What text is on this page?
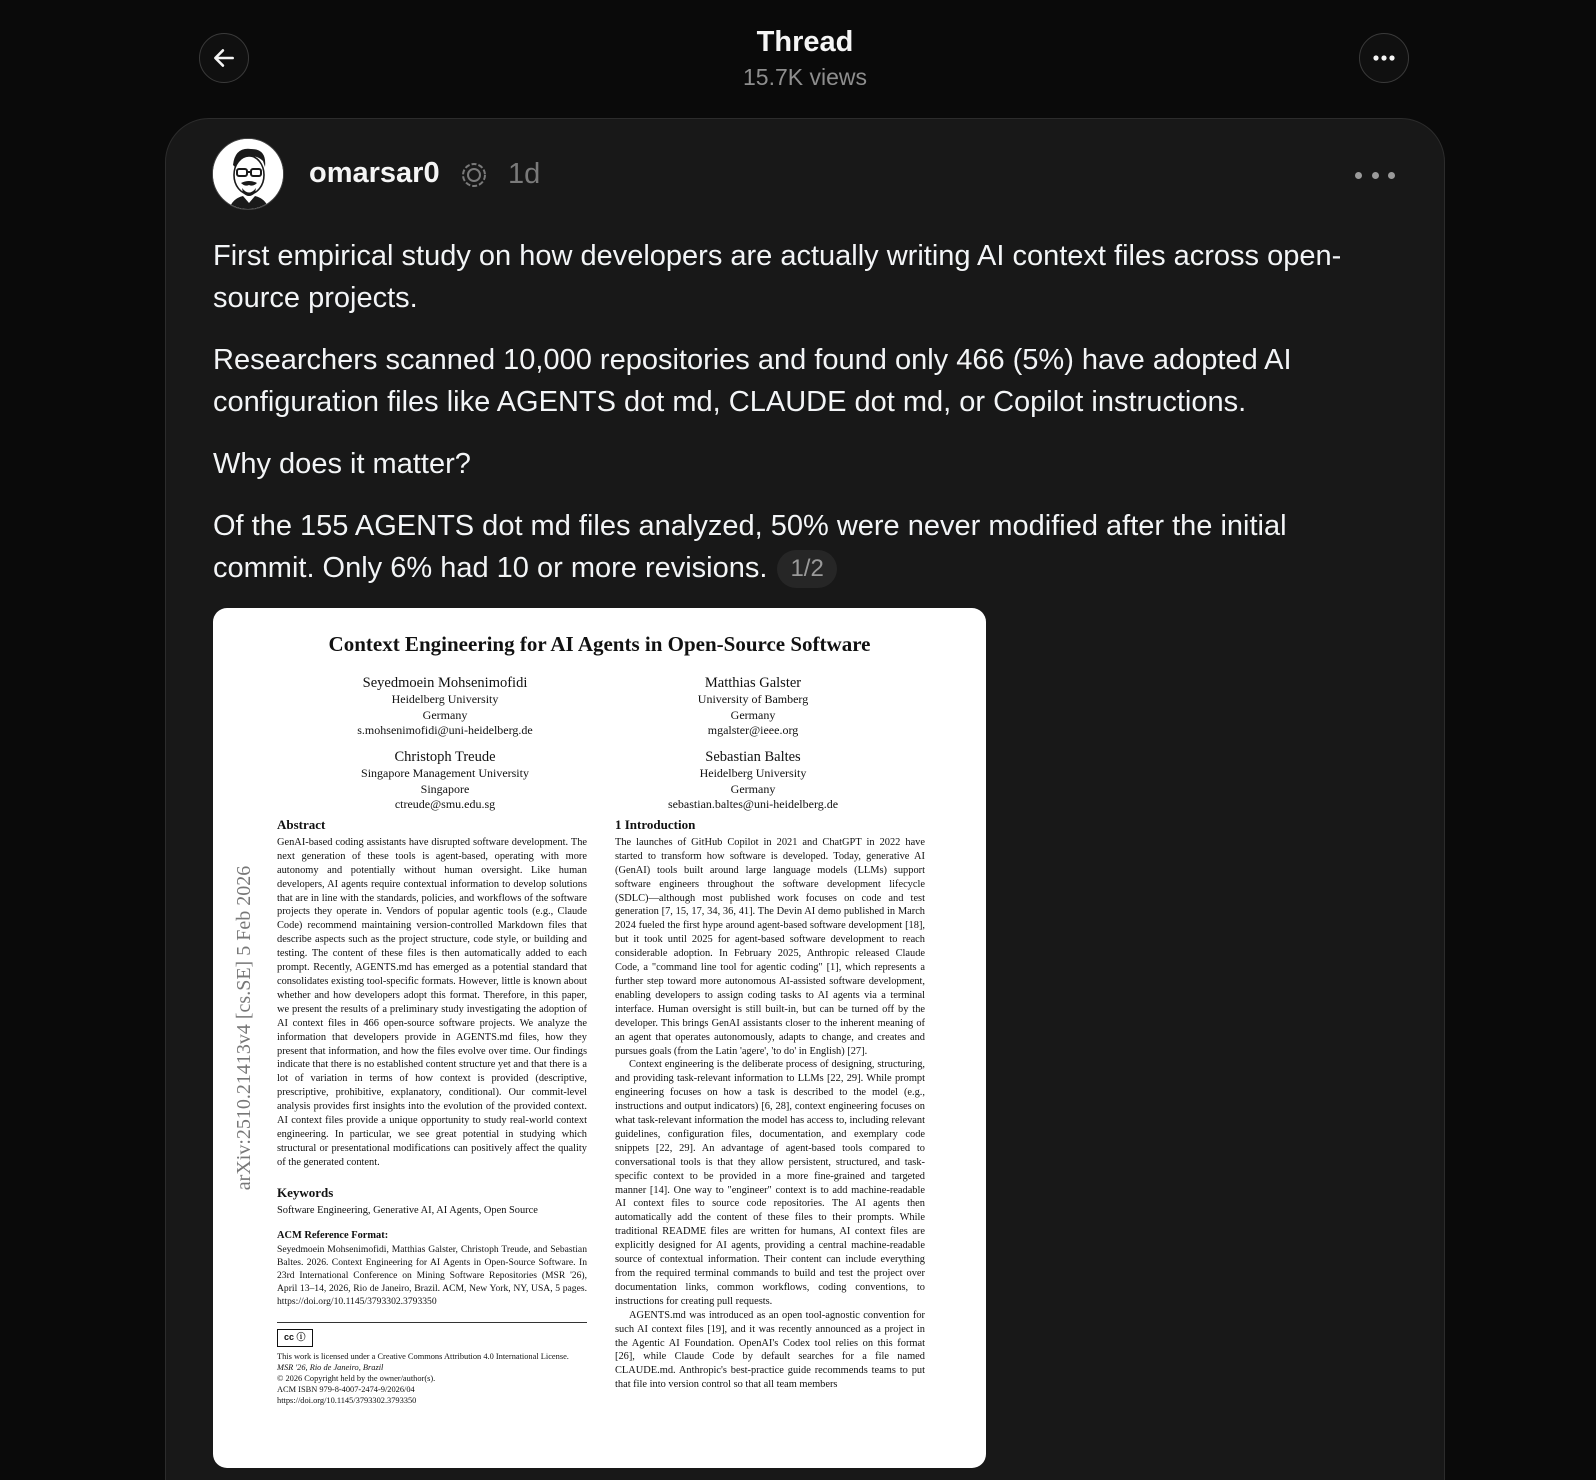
Thread
15.7K views
omarsar0 1d

First empirical study on how developers are actually writing AI context files across open-source projects.

Researchers scanned 10,000 repositories and found only 466 (5%) have adopted AI configuration files like AGENTS dot md, CLAUDE dot md, or Copilot instructions.

Why does it matter?

Of the 155 AGENTS dot md files analyzed, 50% were never modified after the initial commit. Only 6% had 10 or more revisions. 1/2

Context Engineering for AI Agents in Open-Source Software
Seyedmoein Mohsenimofidi
Heidelberg University
Germany
s.mohsenimofidi@uni-heidelberg.de
Matthias Galster
University of Bamberg
Germany
mgalster@ieee.org
Christoph Treude
Singapore Management University
Singapore
ctreude@smu.edu.sg
Sebastian Baltes
Heidelberg University
Germany
sebastian.baltes@uni-heidelberg.de
arXiv:2510.21413v4 [cs.SE] 5 Feb 2026
Abstract

GenAI-based coding assistants have disrupted software development. The next generation of these tools is agent-based, operating with more autonomy and potentially without human oversight. Like human developers, AI agents require contextual information to develop solutions that are in line with the standards, policies, and workflows of the software projects they operate in. Vendors of popular agentic tools (e.g., Claude Code) recommend maintaining version-controlled Markdown files that describe aspects such as the project structure, code style, or building and testing. The content of these files is then automatically added to each prompt. Recently, AGENTS.md has emerged as a potential standard that consolidates existing tool-specific formats. However, little is known about whether and how developers adopt this format. Therefore, in this paper, we present the results of a preliminary study investigating the adoption of AI context files in 466 open-source software projects. We analyze the information that developers provide in AGENTS.md files, how they present that information, and how the files evolve over time. Our findings indicate that there is no established content structure yet and that there is a lot of variation in terms of how context is provided (descriptive, prescriptive, prohibitive, explanatory, conditional). Our commit-level analysis provides first insights into the evolution of the provided context. AI context files provide a unique opportunity to study real-world context engineering. In particular, we see great potential in studying which structural or presentational modifications can positively affect the quality of the generated content.

Keywords

Software Engineering, Generative AI, AI Agents, Open Source

ACM Reference Format:

Seyedmoein Mohsenimofidi, Matthias Galster, Christoph Treude, and Sebastian Baltes. 2026. Context Engineering for AI Agents in Open-Source Software. In 23rd International Conference on Mining Software Repositories (MSR '26), April 13–14, 2026, Rio de Janeiro, Brazil. ACM, New York, NY, USA, 5 pages. https://doi.org/10.1145/3793302.3793350

cc ⓘ
This work is licensed under a Creative Commons Attribution 4.0 International License.
MSR '26, Rio de Janeiro, Brazil
© 2026 Copyright held by the owner/author(s).
ACM ISBN 979-8-4007-2474-9/2026/04
https://doi.org/10.1145/3793302.3793350
1 Introduction

The launches of GitHub Copilot in 2021 and ChatGPT in 2022 have started to transform how software is developed. Today, generative AI (GenAI) tools built around large language models (LLMs) support software engineers throughout the software development lifecycle (SDLC)—although most published work focuses on code and test generation [7, 15, 17, 34, 36, 41]. The Devin AI demo published in March 2024 fueled the first hype around agent-based software development [18], but it took until 2025 for agent-based software development to reach considerable adoption. In February 2025, Anthropic released Claude Code, a "command line tool for agentic coding" [1], which represents a further step toward more autonomous AI-assisted software development, enabling developers to assign coding tasks to AI agents via a terminal interface. Human oversight is still built-in, but can be turned off by the developer. This brings GenAI assistants closer to the inherent meaning of an agent that operates autonomously, adapts to change, and creates and pursues goals (from the Latin 'agere', 'to do' in English) [27].

Context engineering is the deliberate process of designing, structuring, and providing task-relevant information to LLMs [22, 29]. While prompt engineering focuses on how a task is described to the model (e.g., instructions and output indicators) [6, 28], context engineering focuses on what task-relevant information the model has access to, including relevant guidelines, configuration files, documentation, and exemplary code snippets [22, 29]. An advantage of agent-based tools compared to conversational tools is that they allow persistent, structured, and task-specific context to be provided in a more fine-grained and targeted manner [14]. One way to "engineer" context is to add machine-readable AI context files to source code repositories. The AI agents then automatically add the content of these files to their prompts. While traditional README files are written for humans, AI context files are explicitly designed for AI agents, providing a central machine-readable source of contextual information. Their content can include everything from the required terminal commands to build and test the project over documentation links, common workflows, coding conventions, to instructions for creating pull requests.

AGENTS.md was introduced as an open tool-agnostic convention for such AI context files [19], and it was recently announced as a project in the Agentic AI Foundation. OpenAI's Codex tool relies on this format [26], while Claude Code by default searches for a file named CLAUDE.md. Anthropic's best-practice guide recommends teams to put that file into version control so that all team members
